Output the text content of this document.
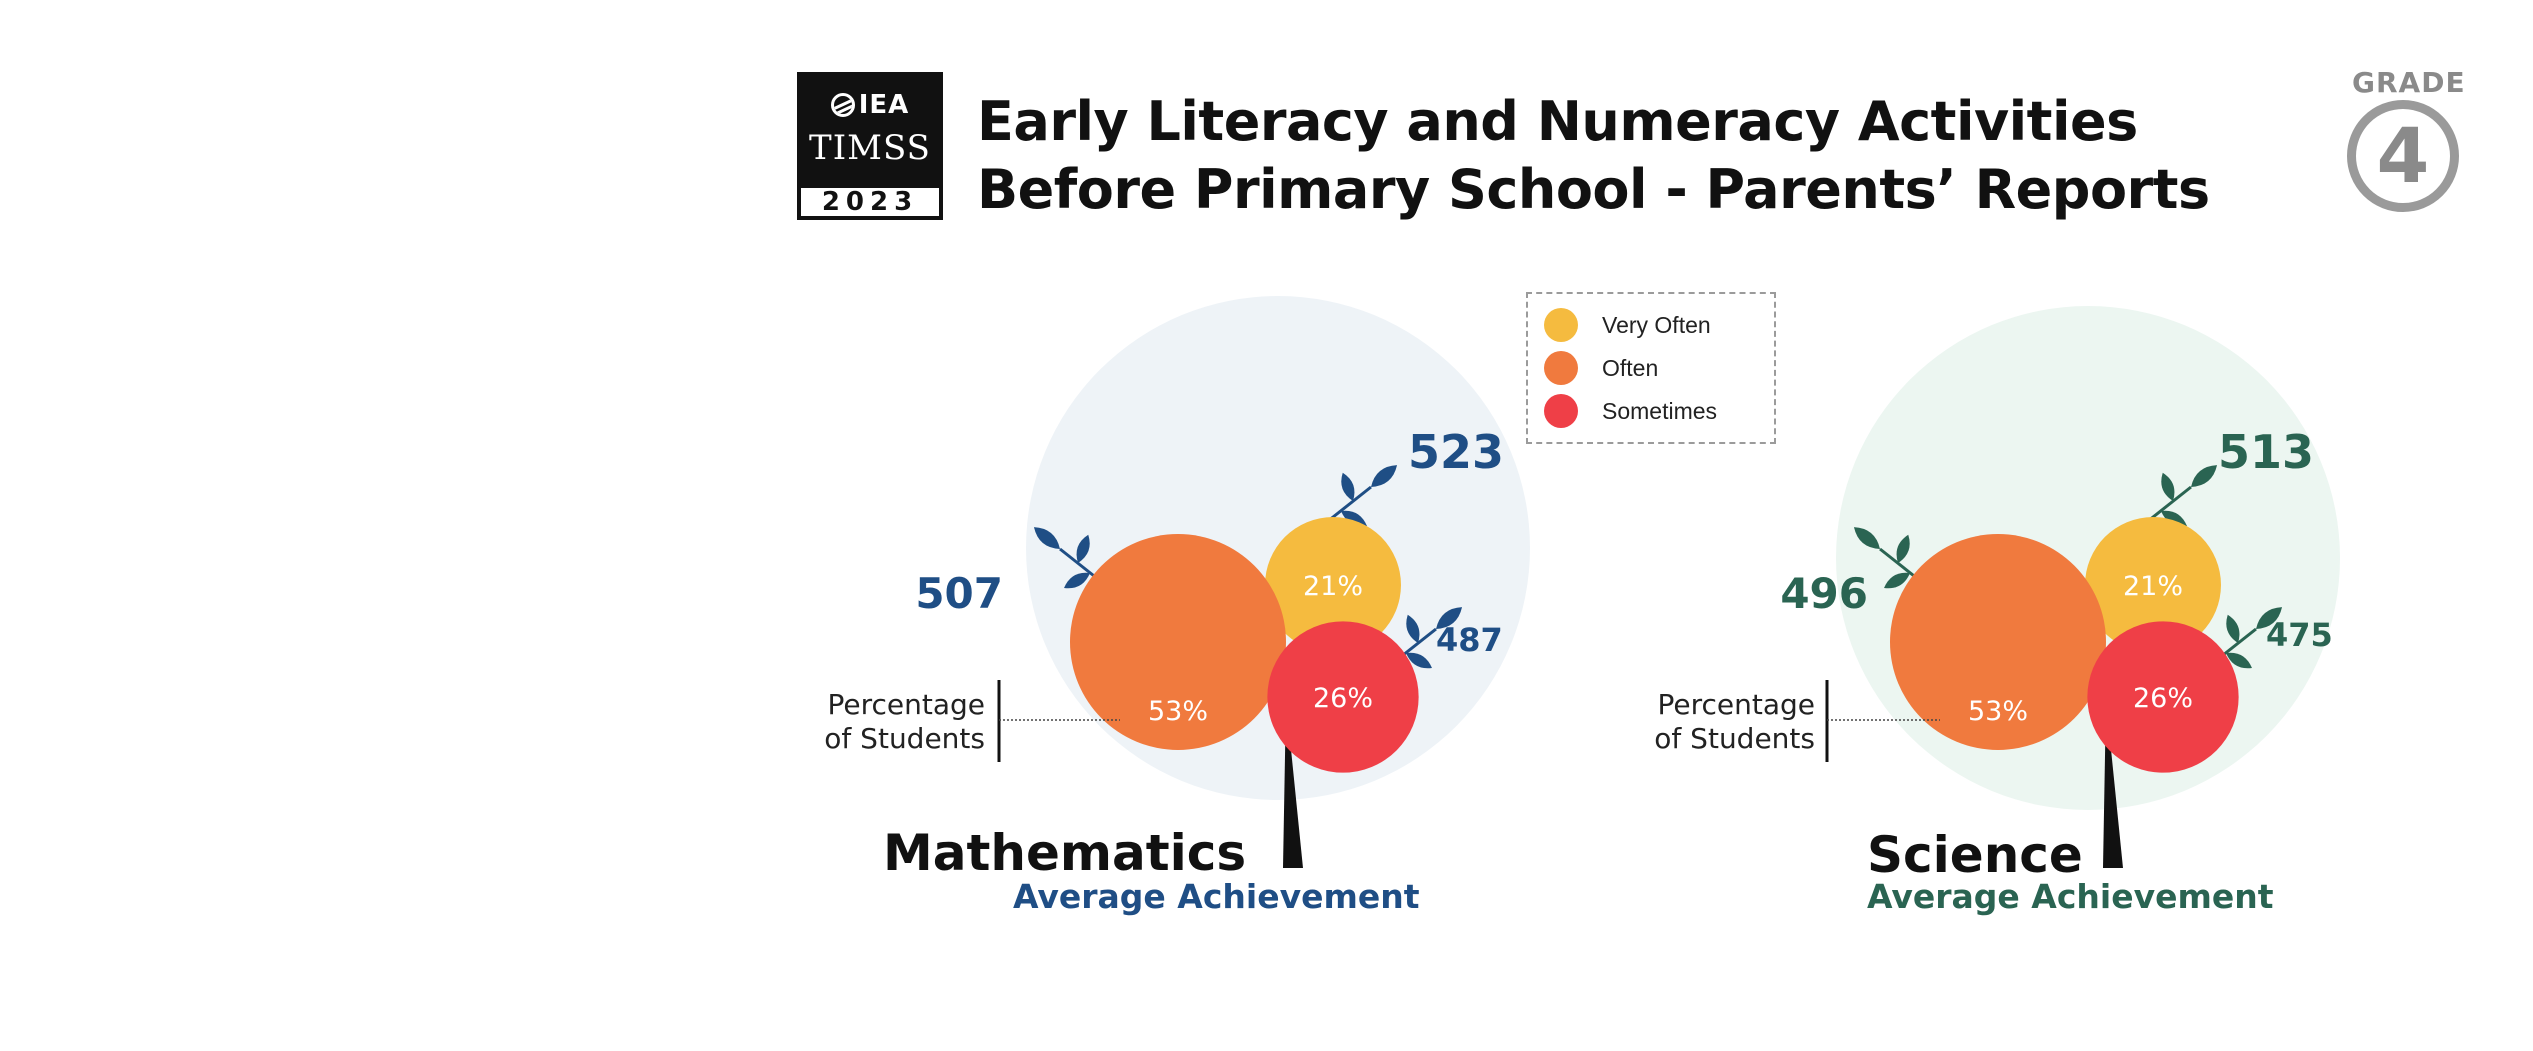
IEA
TIMSS
2023
Early Literacy and Numeracy Activities
Before Primary School - Parents’ Reports
GRADE
4
Very Often
Often
Sometimes
21%
53%	26%
523
507
487
Percentage
of Students
Mathematics
Average Achievement
21%
53%	26%
513
496
475
Percentage
of Students
Science
Average Achievement
